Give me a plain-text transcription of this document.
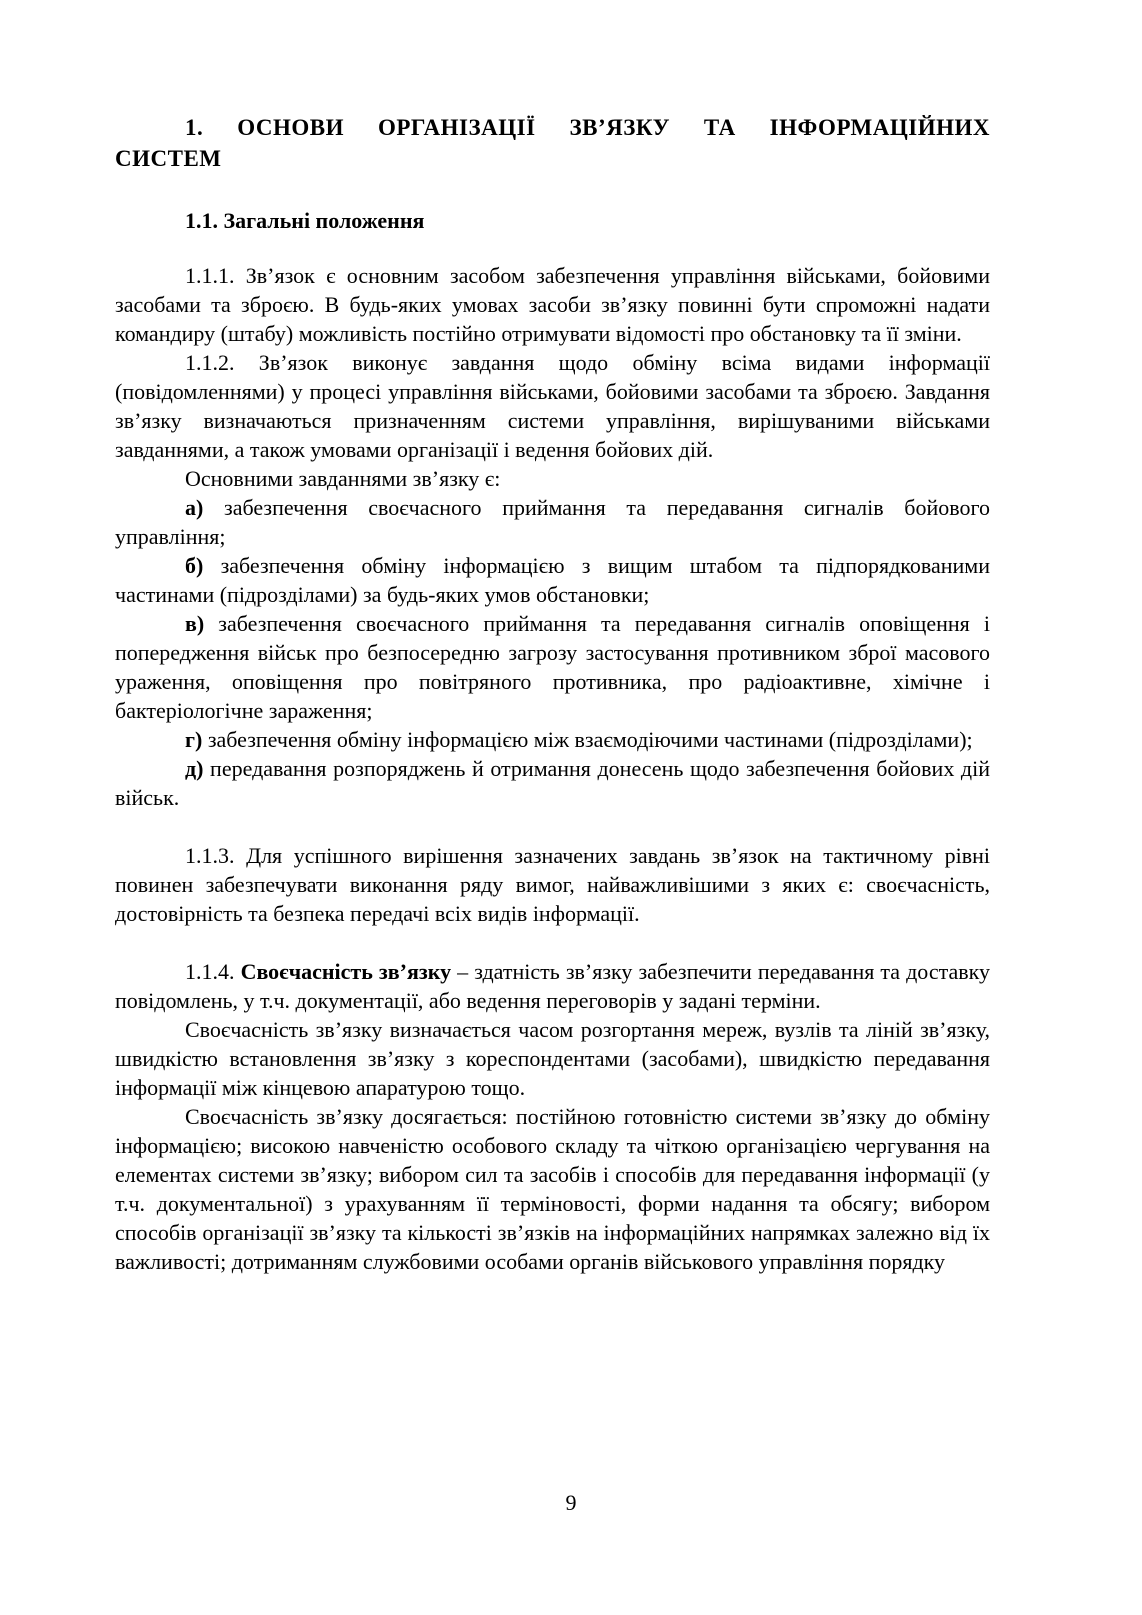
1. ОСНОВИ ОРГАНІЗАЦІЇ ЗВ’ЯЗКУ ТА ІНФОРМАЦІЙНИХ СИСТЕМ
1.1. Загальні положення

1.1.1. Зв’язок є основним засобом забезпечення управління військами, бойовими засобами та зброєю. В будь-яких умовах засоби зв’язку повинні бути спроможні надати командиру (штабу) можливість постійно отримувати відомості про обстановку та її зміни.

1.1.2. Зв’язок виконує завдання щодо обміну всіма видами інформації (повідомленнями) у процесі управління військами, бойовими засобами та зброєю. Завдання зв’язку визначаються призначенням системи управління, вирішуваними військами завданнями, а також умовами організації і ведення бойових дій.

Основними завданнями зв’язку є:

а) забезпечення своєчасного приймання та передавання сигналів бойового управління;

б) забезпечення обміну інформацією з вищим штабом та підпорядкованими частинами (підрозділами) за будь-яких умов обстановки;

в) забезпечення своєчасного приймання та передавання сигналів оповіщення і попередження військ про безпосередню загрозу застосування противником зброї масового ураження, оповіщення про повітряного противника, про радіоактивне, хімічне і бактеріологічне зараження;

г) забезпечення обміну інформацією між взаємодіючими частинами (підрозділами);

д) передавання розпоряджень й отримання донесень щодо забезпечення бойових дій військ.

1.1.3. Для успішного вирішення зазначених завдань зв’язок на тактичному рівні повинен забезпечувати виконання ряду вимог, найважливішими з яких є: своєчасність, достовірність та безпека передачі всіх видів інформації.

1.1.4. Своєчасність зв’язку – здатність зв’язку забезпечити передавання та доставку повідомлень, у т.ч. документації, або ведення переговорів у задані терміни.

Своєчасність зв’язку визначається часом розгортання мереж, вузлів та ліній зв’язку, швидкістю встановлення зв’язку з кореспондентами (засобами), швидкістю передавання інформації між кінцевою апаратурою тощо.

Своєчасність зв’язку досягається: постійною готовністю системи зв’язку до обміну інформацією; високою навченістю особового складу та чіткою організацією чергування на елементах системи зв’язку; вибором сил та засобів і способів для передавання інформації (у т.ч. документальної) з урахуванням її терміновості, форми надання та обсягу; вибором способів організації зв’язку та кількості зв’язків на інформаційних напрямках залежно від їх важливості; дотриманням службовими особами органів військового управління порядку

9
